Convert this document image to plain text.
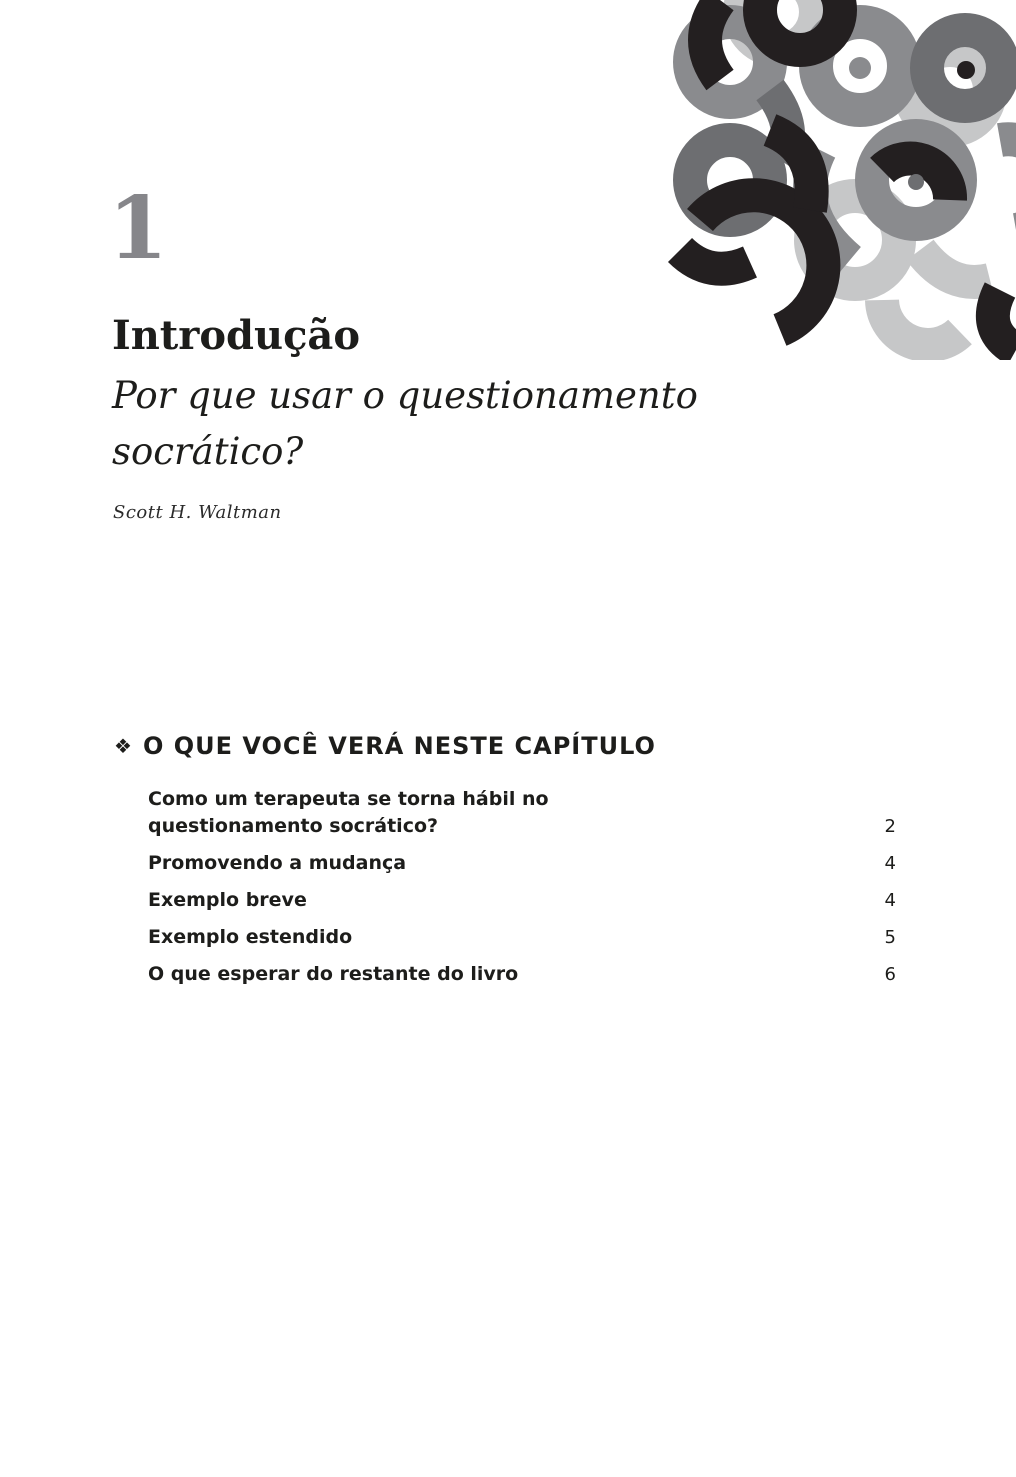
1
Introdução

Por que usar o questionamento socrático?

Scott H. Waltman
❖ O QUE VOCÊ VERÁ NESTE CAPÍTULO
Como um terapeuta se torna hábil no questionamento socrático?	2
Promovendo a mudança	4
Exemplo breve	4
Exemplo estendido	5
O que esperar do restante do livro	6
